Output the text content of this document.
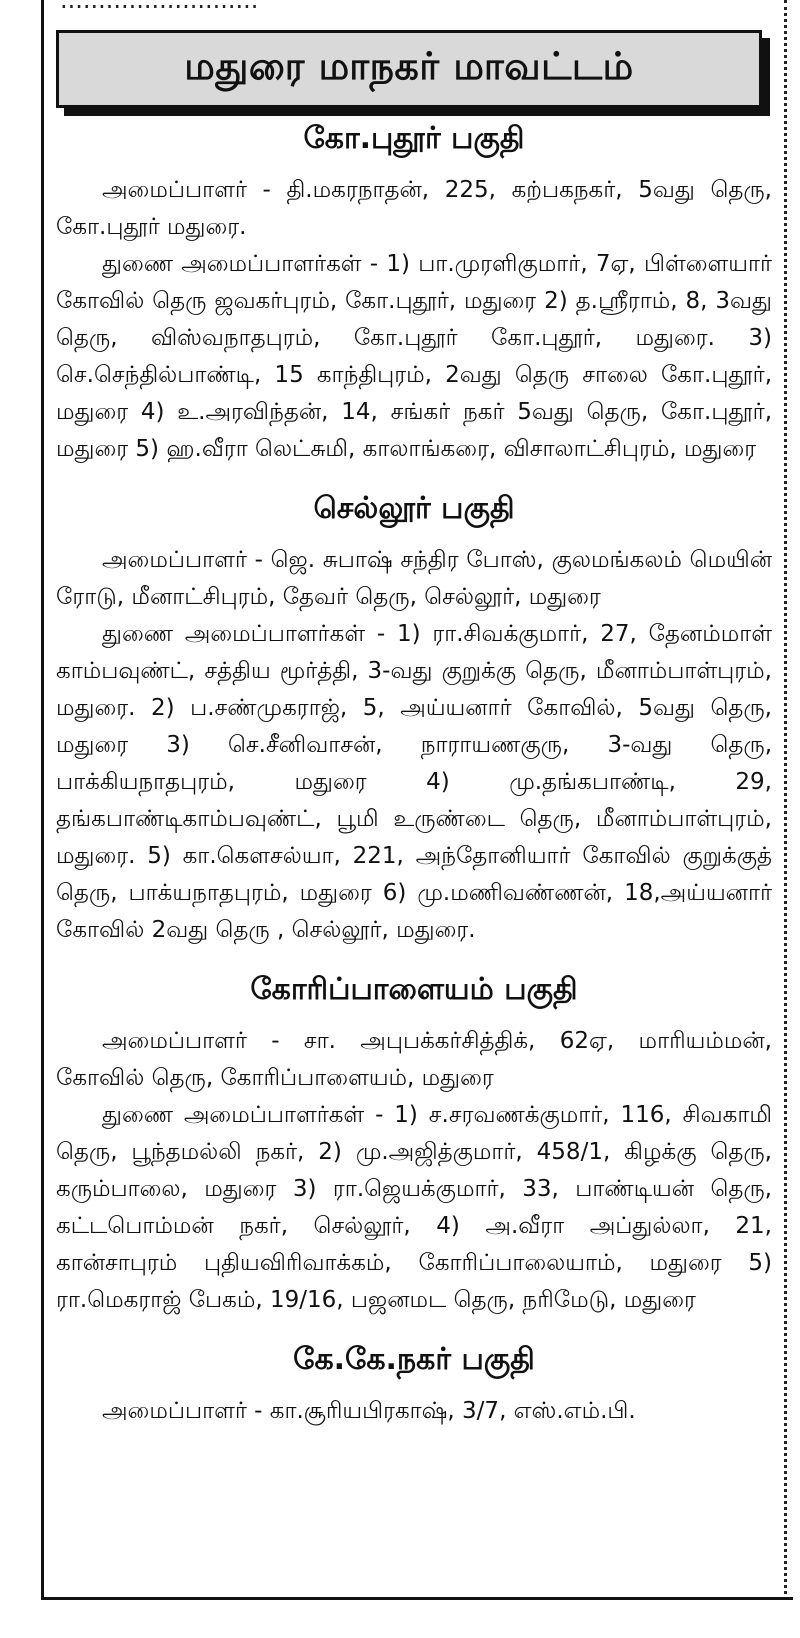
..........................
மதுரை மாநகர் மாவட்டம்
கோ.புதூர் பகுதி

அமைப்பாளர் - தி.மகரநாதன், 225, கற்பகநகர், 5வது தெரு, கோ.புதூர் மதுரை.

துணை அமைப்பாளர்கள் - 1) பா.முரளிகுமார், 7ஏ, பிள்ளையார் கோவில் தெரு ஜவகர்புரம், கோ.புதூர், மதுரை 2) த.ஸ்ரீராம், 8, 3வது தெரு, விஸ்வநாதபுரம், கோ.புதூர் கோ.புதூர், மதுரை. 3) செ.செந்தில்பாண்டி, 15 காந்திபுரம், 2வது தெரு சாலை கோ.புதூர், மதுரை 4) உ.அரவிந்தன், 14, சங்கர் நகர் 5வது தெரு, கோ.புதூர், மதுரை 5) ஹ.வீரா லெட்சுமி, காலாங்கரை, விசாலாட்சிபுரம், மதுரை

செல்லூர் பகுதி

அமைப்பாளர் - ஜெ. சுபாஷ் சந்திர போஸ், குலமங்கலம் மெயின் ரோடு, மீனாட்சிபுரம், தேவர் தெரு, செல்லூர், மதுரை

துணை அமைப்பாளர்கள் - 1) ரா.சிவக்குமார், 27, தேனம்மாள் காம்பவுண்ட், சத்திய மூர்த்தி, 3-வது குறுக்கு தெரு, மீனாம்பாள்புரம், மதுரை. 2) ப.சண்முகராஜ், 5, அய்யனார் கோவில், 5வது தெரு, மதுரை 3) செ.சீனிவாசன், நாராயணகுரு, 3-வது தெரு, பாக்கியநாதபுரம், மதுரை 4) மு.தங்கபாண்டி, 29, தங்கபாண்டிகாம்பவுண்ட், பூமி உருண்டை தெரு, மீனாம்பாள்புரம், மதுரை. 5) கா.கௌசல்யா, 221, அந்தோனியார் கோவில் குறுக்குத் தெரு, பாக்யநாதபுரம், மதுரை 6) மு.மணிவண்ணன், 18,அய்யனார் கோவில் 2வது தெரு , செல்லூர், மதுரை.

கோரிப்பாளையம் பகுதி

அமைப்பாளர் - சா. அபுபக்கர்சித்திக், 62ஏ, மாரியம்மன், கோவில் தெரு, கோரிப்பாளையம், மதுரை

துணை அமைப்பாளர்கள் - 1) ச.சரவணக்குமார், 116, சிவகாமி தெரு, பூந்தமல்லி நகர், 2) மு.அஜித்குமார், 458/1, கிழக்கு தெரு, கரும்பாலை, மதுரை 3) ரா.ஜெயக்குமார், 33, பாண்டியன் தெரு, கட்டபொம்மன் நகர், செல்லூர், 4) அ.வீரா அப்துல்லா, 21, கான்சாபுரம் புதியவிரிவாக்கம், கோரிப்பாலையாம், மதுரை 5) ரா.மெகராஜ் பேகம், 19/16, பஜனமட தெரு, நரிமேடு, மதுரை

கே.கே.நகர் பகுதி

அமைப்பாளர் - கா.சூரியபிரகாஷ், 3/7, எஸ்.எம்.பி.
